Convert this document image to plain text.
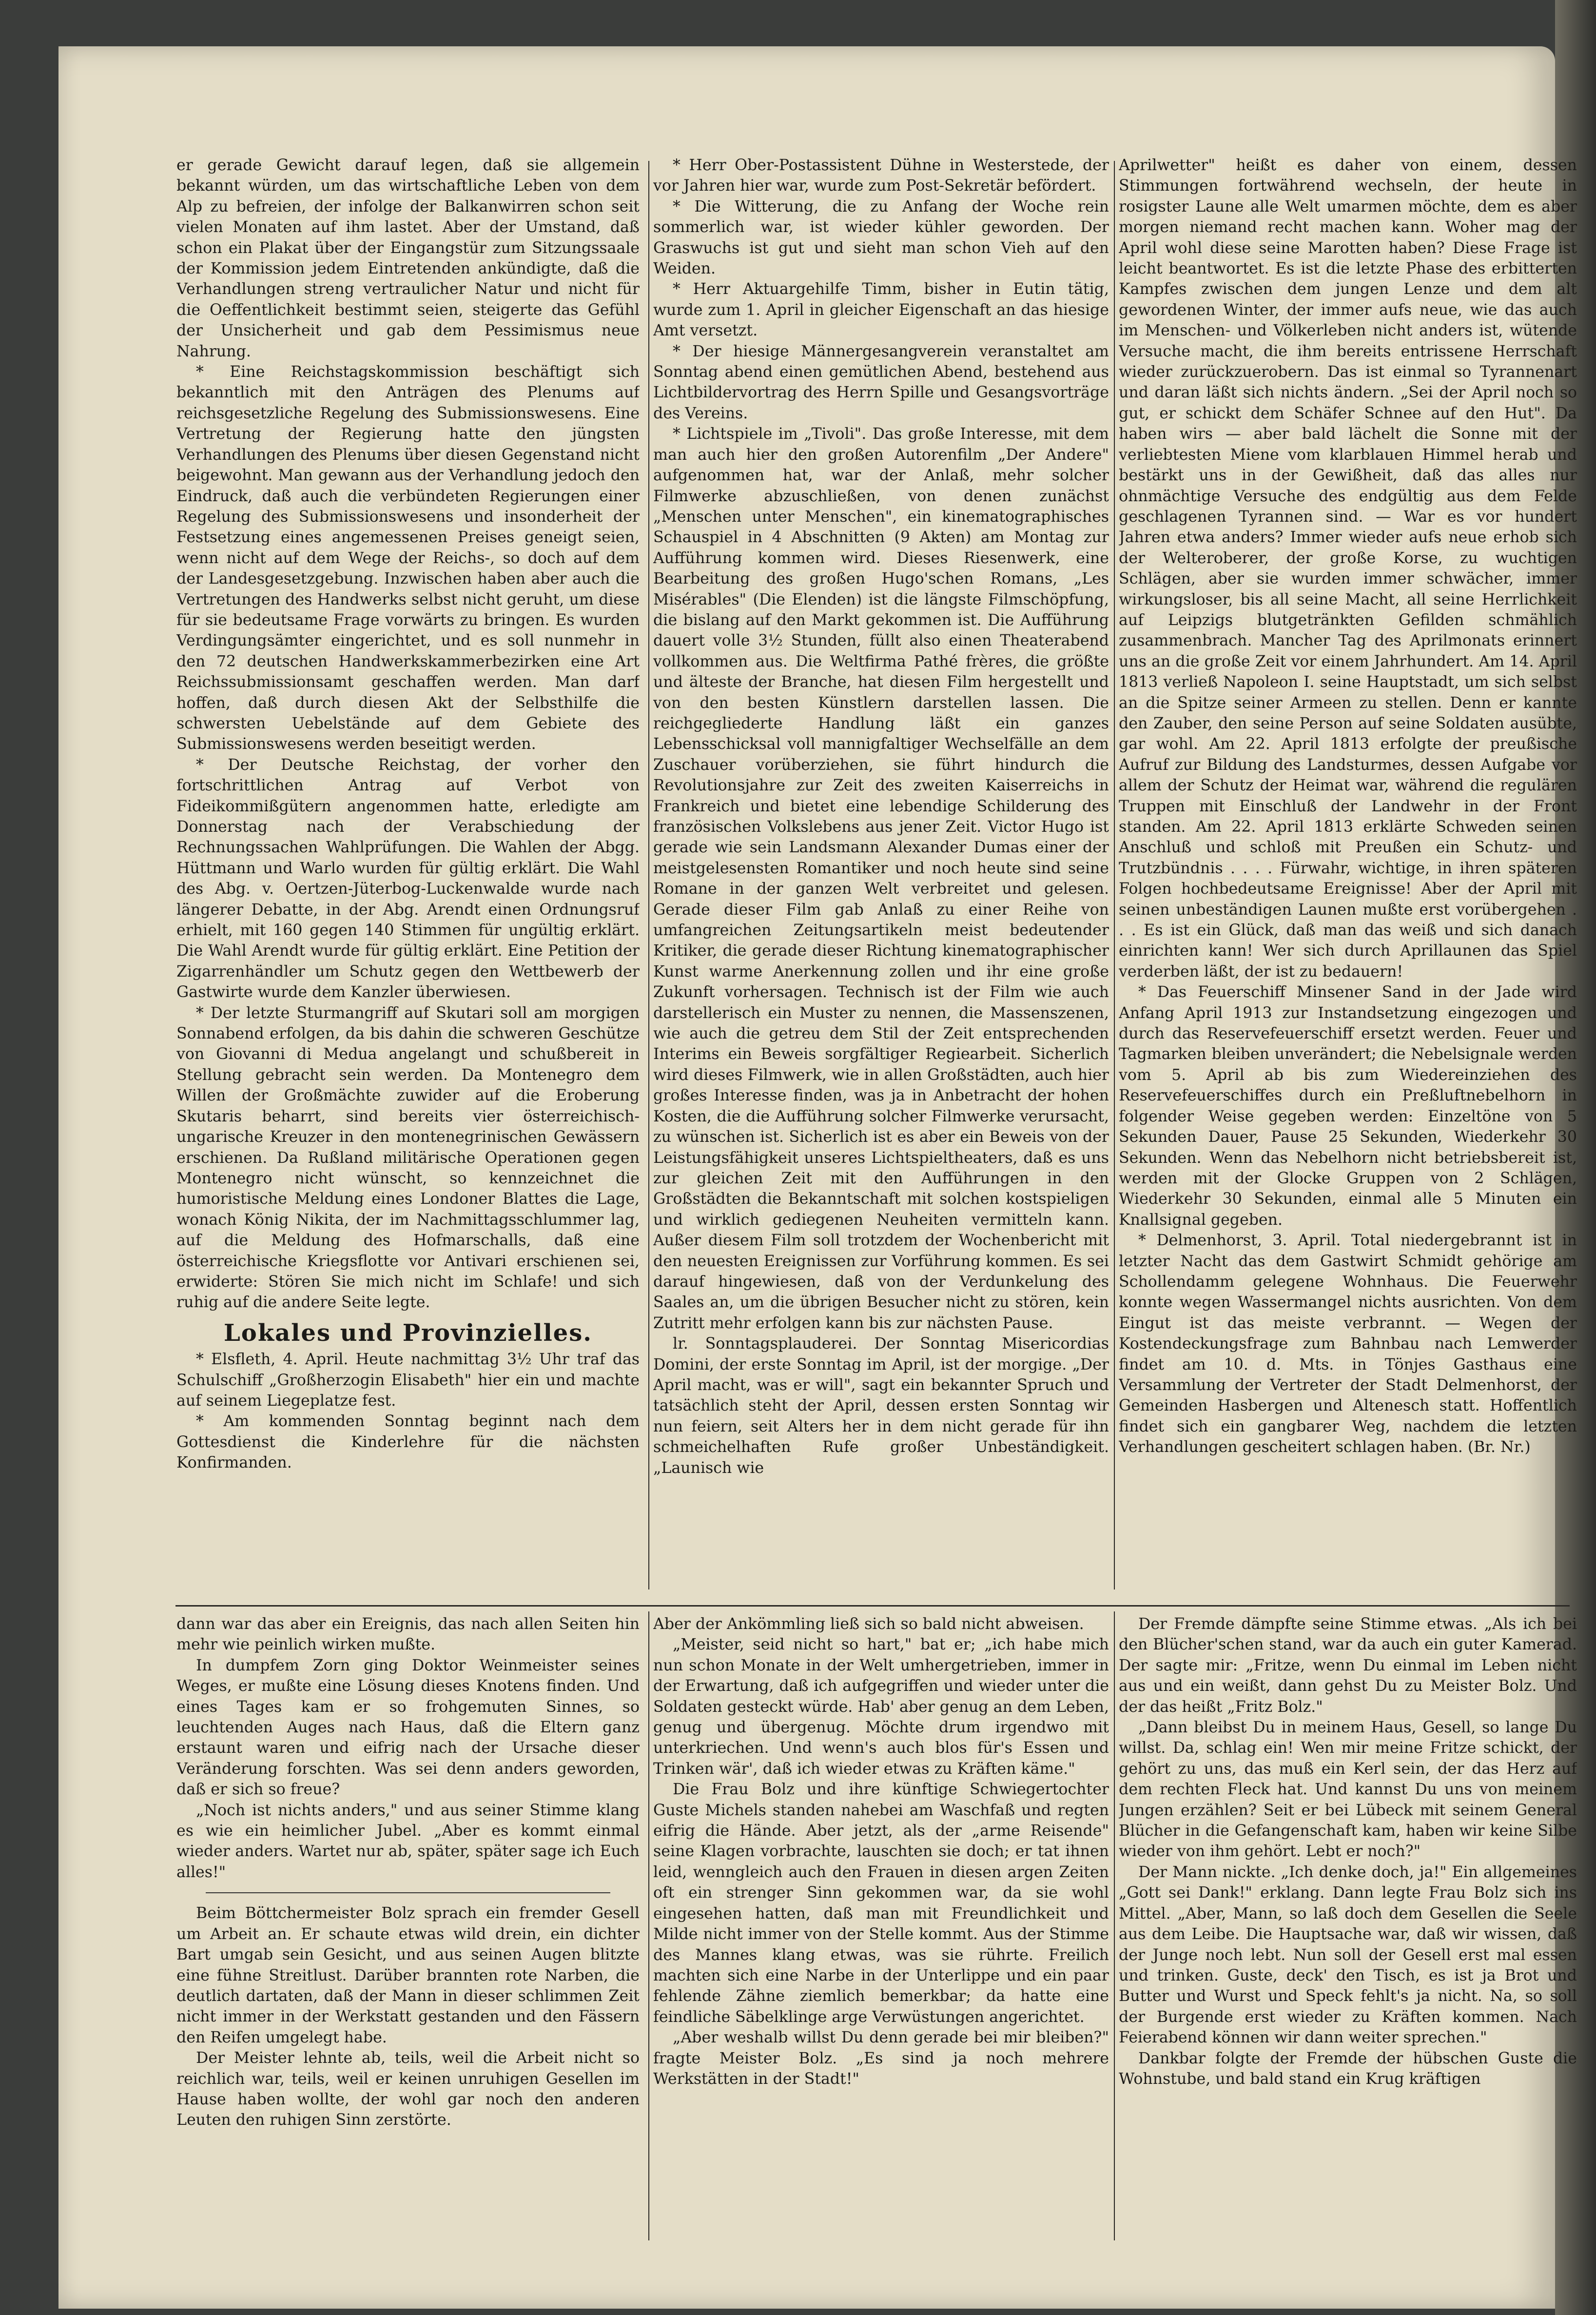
er gerade Gewicht darauf legen, daß sie allgemein bekannt würden, um das wirtschaftliche Leben von dem Alp zu befreien, der infolge der Balkanwirren schon seit vielen Monaten auf ihm lastet. Aber der Umstand, daß schon ein Plakat über der Eingangstür zum Sitzungssaale der Kommission jedem Eintretenden ankündigte, daß die Verhandlungen streng vertraulicher Natur und nicht für die Oeffentlichkeit bestimmt seien, steigerte das Gefühl der Unsicherheit und gab dem Pessimismus neue Nahrung.

* Eine Reichstagskommission beschäftigt sich bekanntlich mit den Anträgen des Plenums auf reichsgesetzliche Regelung des Submissionswesens. Eine Vertretung der Regierung hatte den jüngsten Verhandlungen des Plenums über diesen Gegenstand nicht beigewohnt. Man gewann aus der Verhandlung jedoch den Eindruck, daß auch die verbündeten Regierungen einer Regelung des Submissionswesens und insonderheit der Festsetzung eines angemessenen Preises geneigt seien, wenn nicht auf dem Wege der Reichs-, so doch auf dem der Landesgesetzgebung. Inzwischen haben aber auch die Vertretungen des Handwerks selbst nicht geruht, um diese für sie bedeutsame Frage vorwärts zu bringen. Es wurden Verdingungsämter eingerichtet, und es soll nunmehr in den 72 deutschen Handwerkskammerbezirken eine Art Reichssubmissionsamt geschaffen werden. Man darf hoffen, daß durch diesen Akt der Selbsthilfe die schwersten Uebelstände auf dem Gebiete des Submissionswesens werden beseitigt werden.

* Der Deutsche Reichstag, der vorher den fortschrittlichen Antrag auf Verbot von Fideikommißgütern angenommen hatte, erledigte am Donnerstag nach der Verabschiedung der Rechnungssachen Wahlprüfungen. Die Wahlen der Abgg. Hüttmann und Warlo wurden für gültig erklärt. Die Wahl des Abg. v. Oertzen-Jüterbog-Luckenwalde wurde nach längerer Debatte, in der Abg. Arendt einen Ordnungsruf erhielt, mit 160 gegen 140 Stimmen für ungültig erklärt. Die Wahl Arendt wurde für gültig erklärt. Eine Petition der Zigarrenhändler um Schutz gegen den Wettbewerb der Gastwirte wurde dem Kanzler überwiesen.

* Der letzte Sturmangriff auf Skutari soll am morgigen Sonnabend erfolgen, da bis dahin die schweren Geschütze von Giovanni di Medua angelangt und schußbereit in Stellung gebracht sein werden. Da Montenegro dem Willen der Großmächte zuwider auf die Eroberung Skutaris beharrt, sind bereits vier österreichisch-ungarische Kreuzer in den montenegrinischen Gewässern erschienen. Da Rußland militärische Operationen gegen Montenegro nicht wünscht, so kennzeichnet die humoristische Meldung eines Londoner Blattes die Lage, wonach König Nikita, der im Nachmittagsschlummer lag, auf die Meldung des Hofmarschalls, daß eine österreichische Kriegsflotte vor Antivari erschienen sei, erwiderte: Stören Sie mich nicht im Schlafe! und sich ruhig auf die andere Seite legte.

Lokales und Provinzielles.

* Elsfleth, 4. April. Heute nachmittag 3½ Uhr traf das Schulschiff „Großherzogin Elisabeth" hier ein und machte auf seinem Liegeplatze fest.

* Am kommenden Sonntag beginnt nach dem Gottesdienst die Kinderlehre für die nächsten Konfirmanden.

* Herr Ober-Postassistent Dühne in Westerstede, der vor Jahren hier war, wurde zum Post-Sekretär befördert.

* Die Witterung, die zu Anfang der Woche rein sommerlich war, ist wieder kühler geworden. Der Graswuchs ist gut und sieht man schon Vieh auf den Weiden.

* Herr Aktuargehilfe Timm, bisher in Eutin tätig, wurde zum 1. April in gleicher Eigenschaft an das hiesige Amt versetzt.

* Der hiesige Männergesangverein veranstaltet am Sonntag abend einen gemütlichen Abend, bestehend aus Lichtbildervortrag des Herrn Spille und Gesangsvorträge des Vereins.

* Lichtspiele im „Tivoli". Das große Interesse, mit dem man auch hier den großen Autorenfilm „Der Andere" aufgenommen hat, war der Anlaß, mehr solcher Filmwerke abzuschließen, von denen zunächst „Menschen unter Menschen", ein kinematographisches Schauspiel in 4 Abschnitten (9 Akten) am Montag zur Aufführung kommen wird. Dieses Riesenwerk, eine Bearbeitung des großen Hugo'schen Romans, „Les Misérables" (Die Elenden) ist die längste Filmschöpfung, die bislang auf den Markt gekommen ist. Die Aufführung dauert volle 3½ Stunden, füllt also einen Theaterabend vollkommen aus. Die Weltfirma Pathé frères, die größte und älteste der Branche, hat diesen Film hergestellt und von den besten Künstlern darstellen lassen. Die reichgegliederte Handlung läßt ein ganzes Lebensschicksal voll mannigfaltiger Wechselfälle an dem Zuschauer vorüberziehen, sie führt hindurch die Revolutionsjahre zur Zeit des zweiten Kaiserreichs in Frankreich und bietet eine lebendige Schilderung des französischen Volkslebens aus jener Zeit. Victor Hugo ist gerade wie sein Landsmann Alexander Dumas einer der meistgelesensten Romantiker und noch heute sind seine Romane in der ganzen Welt verbreitet und gelesen. Gerade dieser Film gab Anlaß zu einer Reihe von umfangreichen Zeitungsartikeln meist bedeutender Kritiker, die gerade dieser Richtung kinematographischer Kunst warme Anerkennung zollen und ihr eine große Zukunft vorhersagen. Technisch ist der Film wie auch darstellerisch ein Muster zu nennen, die Massenszenen, wie auch die getreu dem Stil der Zeit entsprechenden Interims ein Beweis sorgfältiger Regiearbeit. Sicherlich wird dieses Filmwerk, wie in allen Großstädten, auch hier großes Interesse finden, was ja in Anbetracht der hohen Kosten, die die Aufführung solcher Filmwerke verursacht, zu wünschen ist. Sicherlich ist es aber ein Beweis von der Leistungsfähigkeit unseres Lichtspieltheaters, daß es uns zur gleichen Zeit mit den Aufführungen in den Großstädten die Bekanntschaft mit solchen kostspieligen und wirklich gediegenen Neuheiten vermitteln kann. Außer diesem Film soll trotzdem der Wochenbericht mit den neuesten Ereignissen zur Vorführung kommen. Es sei darauf hingewiesen, daß von der Verdunkelung des Saales an, um die übrigen Besucher nicht zu stören, kein Zutritt mehr erfolgen kann bis zur nächsten Pause.

lr. Sonntagsplauderei. Der Sonntag Misericordias Domini, der erste Sonntag im April, ist der morgige. „Der April macht, was er will", sagt ein bekannter Spruch und tatsächlich steht der April, dessen ersten Sonntag wir nun feiern, seit Alters her in dem nicht gerade für ihn schmeichelhaften Rufe großer Unbeständigkeit. „Launisch wie

Aprilwetter" heißt es daher von einem, dessen Stimmungen fortwährend wechseln, der heute in rosigster Laune alle Welt umarmen möchte, dem es aber morgen niemand recht machen kann. Woher mag der April wohl diese seine Marotten haben? Diese Frage ist leicht beantwortet. Es ist die letzte Phase des erbitterten Kampfes zwischen dem jungen Lenze und dem alt gewordenen Winter, der immer aufs neue, wie das auch im Menschen- und Völkerleben nicht anders ist, wütende Versuche macht, die ihm bereits entrissene Herrschaft wieder zurückzuerobern. Das ist einmal so Tyrannenart und daran läßt sich nichts ändern. „Sei der April noch so gut, er schickt dem Schäfer Schnee auf den Hut". Da haben wirs — aber bald lächelt die Sonne mit der verliebtesten Miene vom klarblauen Himmel herab und bestärkt uns in der Gewißheit, daß das alles nur ohnmächtige Versuche des endgültig aus dem Felde geschlagenen Tyrannen sind. — War es vor hundert Jahren etwa anders? Immer wieder aufs neue erhob sich der Welteroberer, der große Korse, zu wuchtigen Schlägen, aber sie wurden immer schwächer, immer wirkungsloser, bis all seine Macht, all seine Herrlichkeit auf Leipzigs blutgetränkten Gefilden schmählich zusammenbrach. Mancher Tag des Aprilmonats erinnert uns an die große Zeit vor einem Jahrhundert. Am 14. April 1813 verließ Napoleon I. seine Hauptstadt, um sich selbst an die Spitze seiner Armeen zu stellen. Denn er kannte den Zauber, den seine Person auf seine Soldaten ausübte, gar wohl. Am 22. April 1813 erfolgte der preußische Aufruf zur Bildung des Landsturmes, dessen Aufgabe vor allem der Schutz der Heimat war, während die regulären Truppen mit Einschluß der Landwehr in der Front standen. Am 22. April 1813 erklärte Schweden seinen Anschluß und schloß mit Preußen ein Schutz- und Trutzbündnis . . . . Fürwahr, wichtige, in ihren späteren Folgen hochbedeutsame Ereignisse! Aber der April mit seinen unbeständigen Launen mußte erst vorübergehen . . . Es ist ein Glück, daß man das weiß und sich danach einrichten kann! Wer sich durch Aprillaunen das Spiel verderben läßt, der ist zu bedauern!

* Das Feuerschiff Minsener Sand in der Jade wird Anfang April 1913 zur Instandsetzung eingezogen und durch das Reservefeuerschiff ersetzt werden. Feuer und Tagmarken bleiben unverändert; die Nebelsignale werden vom 5. April ab bis zum Wiedereinziehen des Reservefeuerschiffes durch ein Preßluftnebelhorn in folgender Weise gegeben werden: Einzeltöne von 5 Sekunden Dauer, Pause 25 Sekunden, Wiederkehr 30 Sekunden. Wenn das Nebelhorn nicht betriebsbereit ist, werden mit der Glocke Gruppen von 2 Schlägen, Wiederkehr 30 Sekunden, einmal alle 5 Minuten ein Knallsignal gegeben.

* Delmenhorst, 3. April. Total niedergebrannt ist in letzter Nacht das dem Gastwirt Schmidt gehörige am Schollendamm gelegene Wohnhaus. Die Feuerwehr konnte wegen Wassermangel nichts ausrichten. Von dem Eingut ist das meiste verbrannt. — Wegen der Kostendeckungsfrage zum Bahnbau nach Lemwerder findet am 10. d. Mts. in Tönjes Gasthaus eine Versammlung der Vertreter der Stadt Delmenhorst, der Gemeinden Hasbergen und Altenesch statt. Hoffentlich findet sich ein gangbarer Weg, nachdem die letzten Verhandlungen gescheitert schlagen haben. (Br. Nr.)

dann war das aber ein Ereignis, das nach allen Seiten hin mehr wie peinlich wirken mußte.

In dumpfem Zorn ging Doktor Weinmeister seines Weges, er mußte eine Lösung dieses Knotens finden. Und eines Tages kam er so frohgemuten Sinnes, so leuchtenden Auges nach Haus, daß die Eltern ganz erstaunt waren und eifrig nach der Ursache dieser Veränderung forschten. Was sei denn anders geworden, daß er sich so freue?

„Noch ist nichts anders," und aus seiner Stimme klang es wie ein heimlicher Jubel. „Aber es kommt einmal wieder anders. Wartet nur ab, später, später sage ich Euch alles!"

Beim Böttchermeister Bolz sprach ein fremder Gesell um Arbeit an. Er schaute etwas wild drein, ein dichter Bart umgab sein Gesicht, und aus seinen Augen blitzte eine fühne Streitlust. Darüber brannten rote Narben, die deutlich dartaten, daß der Mann in dieser schlimmen Zeit nicht immer in der Werkstatt gestanden und den Fässern den Reifen umgelegt habe.

Der Meister lehnte ab, teils, weil die Arbeit nicht so reichlich war, teils, weil er keinen unruhigen Gesellen im Hause haben wollte, der wohl gar noch den anderen Leuten den ruhigen Sinn zerstörte.

Aber der Ankömmling ließ sich so bald nicht abweisen.

„Meister, seid nicht so hart," bat er; „ich habe mich nun schon Monate in der Welt umhergetrieben, immer in der Erwartung, daß ich aufgegriffen und wieder unter die Soldaten gesteckt würde. Hab' aber genug an dem Leben, genug und übergenug. Möchte drum irgendwo mit unterkriechen. Und wenn's auch blos für's Essen und Trinken wär', daß ich wieder etwas zu Kräften käme."

Die Frau Bolz und ihre künftige Schwiegertochter Guste Michels standen nahebei am Waschfaß und regten eifrig die Hände. Aber jetzt, als der „arme Reisende" seine Klagen vorbrachte, lauschten sie doch; er tat ihnen leid, wenngleich auch den Frauen in diesen argen Zeiten oft ein strenger Sinn gekommen war, da sie wohl eingesehen hatten, daß man mit Freundlichkeit und Milde nicht immer von der Stelle kommt. Aus der Stimme des Mannes klang etwas, was sie rührte. Freilich machten sich eine Narbe in der Unterlippe und ein paar fehlende Zähne ziemlich bemerkbar; da hatte eine feindliche Säbelklinge arge Verwüstungen angerichtet.

„Aber weshalb willst Du denn gerade bei mir bleiben?" fragte Meister Bolz. „Es sind ja noch mehrere Werkstätten in der Stadt!"

Der Fremde dämpfte seine Stimme etwas. „Als ich bei den Blücher'schen stand, war da auch ein guter Kamerad. Der sagte mir: „Fritze, wenn Du einmal im Leben nicht aus und ein weißt, dann gehst Du zu Meister Bolz. Und der das heißt „Fritz Bolz."

„Dann bleibst Du in meinem Haus, Gesell, so lange Du willst. Da, schlag ein! Wen mir meine Fritze schickt, der gehört zu uns, das muß ein Kerl sein, der das Herz auf dem rechten Fleck hat. Und kannst Du uns von meinem Jungen erzählen? Seit er bei Lübeck mit seinem General Blücher in die Gefangenschaft kam, haben wir keine Silbe wieder von ihm gehört. Lebt er noch?"

Der Mann nickte. „Ich denke doch, ja!" Ein allgemeines „Gott sei Dank!" erklang. Dann legte Frau Bolz sich ins Mittel. „Aber, Mann, so laß doch dem Gesellen die Seele aus dem Leibe. Die Hauptsache war, daß wir wissen, daß der Junge noch lebt. Nun soll der Gesell erst mal essen und trinken. Guste, deck' den Tisch, es ist ja Brot und Butter und Wurst und Speck fehlt's ja nicht. Na, so soll der Burgende erst wieder zu Kräften kommen. Nach Feierabend können wir dann weiter sprechen."

Dankbar folgte der Fremde der hübschen Guste die Wohnstube, und bald stand ein Krug kräftigen
